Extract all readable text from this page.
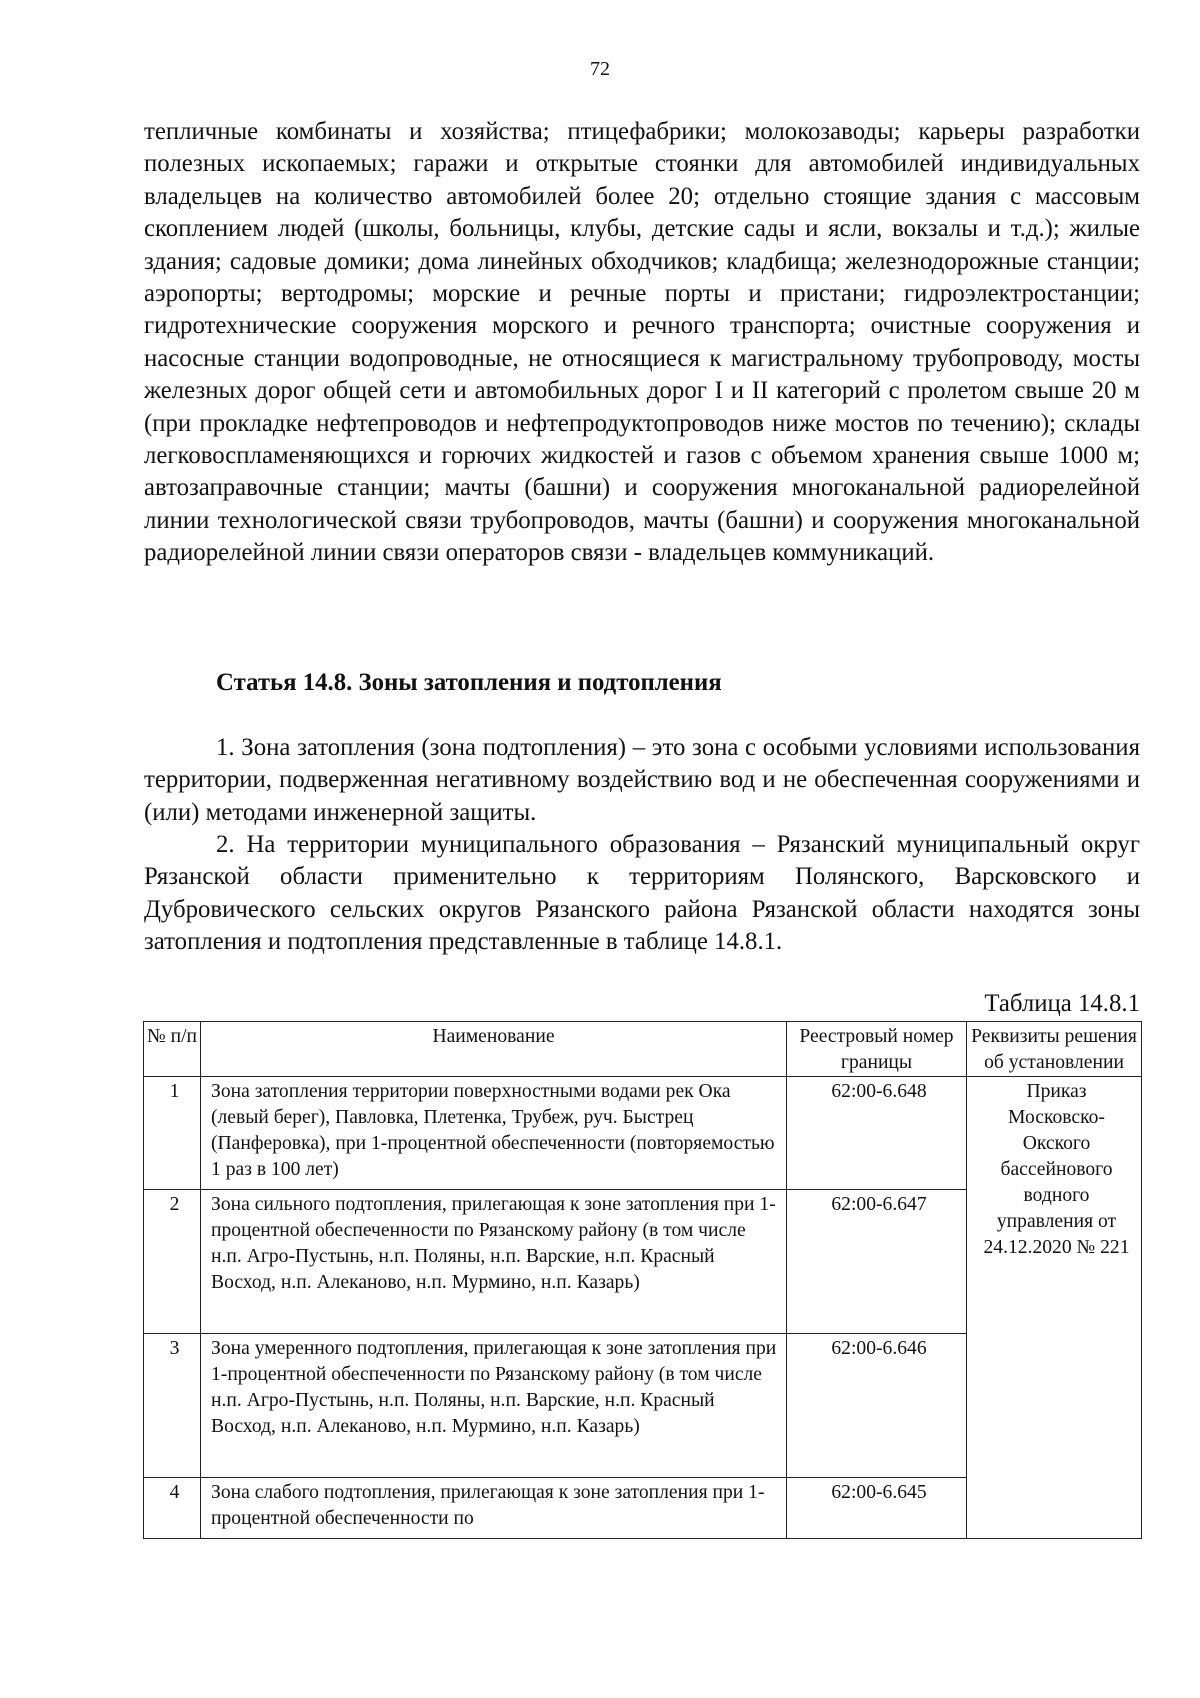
72
тепличные комбинаты и хозяйства; птицефабрики; молокозаводы; карьеры разработки полезных ископаемых; гаражи и открытые стоянки для автомобилей индивидуальных владельцев на количество автомобилей более 20; отдельно стоящие здания с массовым скоплением людей (школы, больницы, клубы, детские сады и ясли, вокзалы и т.д.); жилые здания; садовые домики; дома линейных обходчиков; кладбища; железнодорожные станции; аэропорты; вертодромы; морские и речные порты и пристани; гидроэлектростанции; гидротехнические сооружения морского и речного транспорта; очистные сооружения и насосные станции водопроводные, не относящиеся к магистральному трубопроводу, мосты железных дорог общей сети и автомобильных дорог I и II категорий с пролетом свыше 20 м (при прокладке нефтепроводов и нефтепродуктопроводов ниже мостов по течению); склады легковоспламеняющихся и горючих жидкостей и газов с объемом хранения свыше 1000 м; автозаправочные станции; мачты (башни) и сооружения многоканальной радиорелейной линии технологической связи трубопроводов, мачты (башни) и сооружения многоканальной радиорелейной линии связи операторов связи - владельцев коммуникаций.
Статья 14.8. Зоны затопления и подтопления
1. Зона затопления (зона подтопления) – это зона с особыми условиями использования территории, подверженная негативному воздействию вод и не обеспеченная сооружениями и (или) методами инженерной защиты.
2. На территории муниципального образования – Рязанский муниципальный округ Рязанской области применительно к территориям Полянского, Варсковского и Дубровического сельских округов Рязанского района Рязанской области находятся зоны затопления и подтопления представленные в таблице 14.8.1.
Таблица 14.8.1
№ п/п	Наименование	Реестровый номер границы	Реквизиты решения об установлении
1	Зона затопления территории поверхностными водами рек Ока (левый берег), Павловка, Плетенка, Трубеж, руч. Быстрец (Панферовка), при 1-процентной обеспеченности (повторяемостью 1 раз в 100 лет)	62:00-6.648	Приказ Московско-Окского бассейнового водного управления от 24.12.2020 № 221
2	Зона сильного подтопления, прилегающая к зоне затопления при 1-процентной обеспеченности по Рязанскому району (в том числе н.п. Агро-Пустынь, н.п. Поляны, н.п. Варские, н.п. Красный Восход, н.п. Алеканово, н.п. Мурмино, н.п. Казарь)	62:00-6.647	
3	Зона умеренного подтопления, прилегающая к зоне затопления при 1-процентной обеспеченности по Рязанскому району (в том числе н.п. Агро-Пустынь, н.п. Поляны, н.п. Варские, н.п. Красный Восход, н.п. Алеканово, н.п. Мурмино, н.п. Казарь)	62:00-6.646	
4	Зона слабого подтопления, прилегающая к зоне затопления при 1-процентной обеспеченности по	62:00-6.645	
